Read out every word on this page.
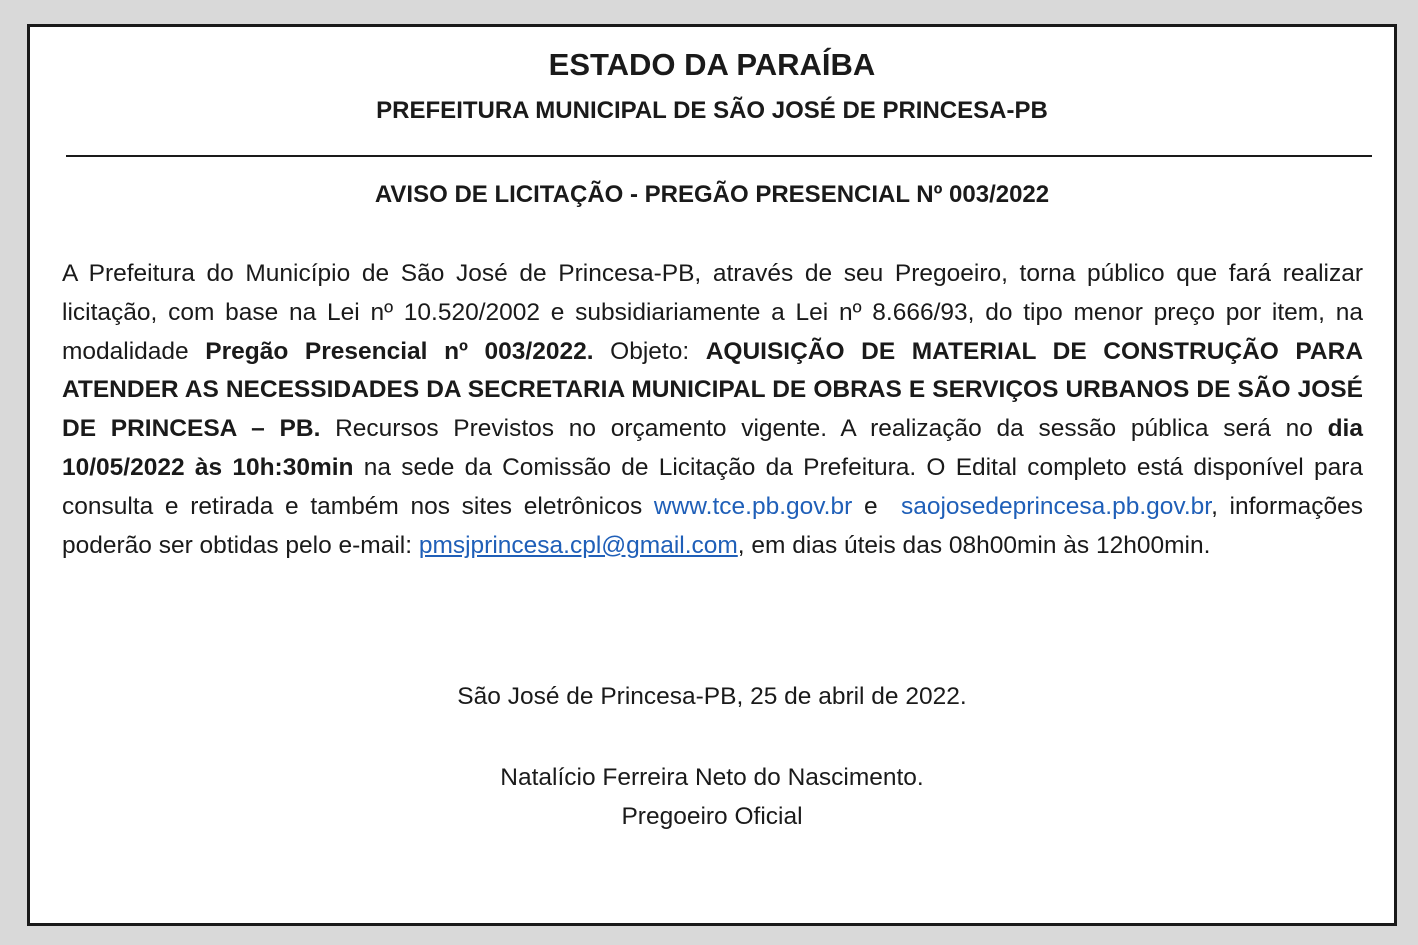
ESTADO DA PARAÍBA
PREFEITURA MUNICIPAL DE SÃO JOSÉ DE PRINCESA-PB
AVISO DE LICITAÇÃO - PREGÃO PRESENCIAL Nº 003/2022
A Prefeitura do Município de São José de Princesa-PB, através de seu Pregoeiro, torna público que fará realizar licitação, com base na Lei nº 10.520/2002 e subsidiariamente a Lei nº 8.666/93, do tipo menor preço por item, na modalidade Pregão Presencial nº 003/2022. Objeto: AQUISIÇÃO DE MATERIAL DE CONSTRUÇÃO PARA ATENDER AS NECESSIDADES DA SECRETARIA MUNICIPAL DE OBRAS E SERVIÇOS URBANOS DE SÃO JOSÉ DE PRINCESA – PB. Recursos Previstos no orçamento vigente. A realização da sessão pública será no dia 10/05/2022 às 10h:30min na sede da Comissão de Licitação da Prefeitura. O Edital completo está disponível para consulta e retirada e também nos sites eletrônicos www.tce.pb.gov.br e  saojosedeprincesa.pb.gov.br, informações poderão ser obtidas pelo e-mail: pmsjprincesa.cpl@gmail.com, em dias úteis das 08h00min às 12h00min.
São José de Princesa-PB, 25 de abril de 2022.
Natalício Ferreira Neto do Nascimento.
Pregoeiro Oficial
